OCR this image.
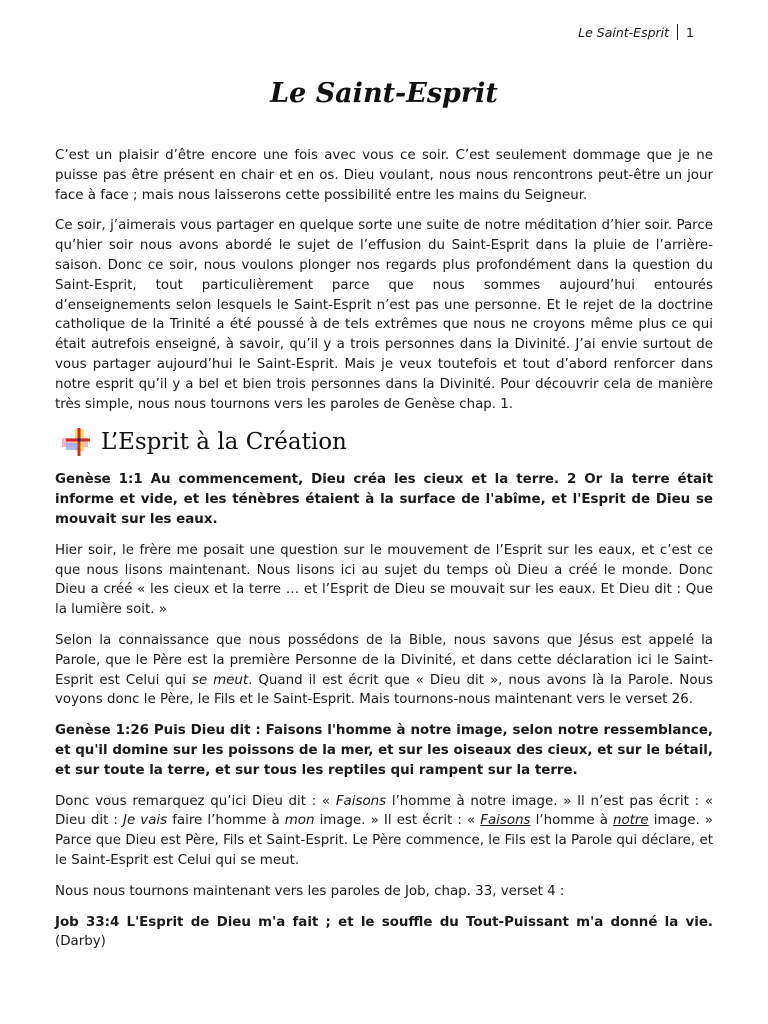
Le Saint-Esprit 1
Le Saint-Esprit

C’est un plaisir d’être encore une fois avec vous ce soir. C’est seulement dommage que je ne puisse pas être présent en chair et en os. Dieu voulant, nous nous rencontrons peut-être un jour face à face ; mais nous laisserons cette possibilité entre les mains du Seigneur.

Ce soir, j’aimerais vous partager en quelque sorte une suite de notre méditation d’hier soir. Parce qu’hier soir nous avons abordé le sujet de l’effusion du Saint-Esprit dans la pluie de l’arrière-saison. Donc ce soir, nous voulons plonger nos regards plus profondément dans la question du Saint-Esprit, tout particulièrement parce que nous sommes aujourd’hui entourés d’enseignements selon lesquels le Saint-Esprit n’est pas une personne. Et le rejet de la doctrine catholique de la Trinité a été poussé à de tels extrêmes que nous ne croyons même plus ce qui était autrefois enseigné, à savoir, qu’il y a trois personnes dans la Divinité. J’ai envie surtout de vous partager aujourd’hui le Saint-Esprit. Mais je veux toutefois et tout d’abord renforcer dans notre esprit qu’il y a bel et bien trois personnes dans la Divinité. Pour découvrir cela de manière très simple, nous nous tournons vers les paroles de Genèse chap. 1.

L’Esprit à la Création

Genèse 1:1 Au commencement, Dieu créa les cieux et la terre. 2 Or la terre était informe et vide, et les ténèbres étaient à la surface de l'abîme, et l'Esprit de Dieu se mouvait sur les eaux.

Hier soir, le frère me posait une question sur le mouvement de l’Esprit sur les eaux, et c’est ce que nous lisons maintenant. Nous lisons ici au sujet du temps où Dieu a créé le monde. Donc Dieu a créé « les cieux et la terre … et l’Esprit de Dieu se mouvait sur les eaux. Et Dieu dit : Que la lumière soit. »

Selon la connaissance que nous possédons de la Bible, nous savons que Jésus est appelé la Parole, que le Père est la première Personne de la Divinité, et dans cette déclaration ici le Saint-Esprit est Celui qui se meut. Quand il est écrit que « Dieu dit », nous avons là la Parole. Nous voyons donc le Père, le Fils et le Saint-Esprit. Mais tournons-nous maintenant vers le verset 26.

Genèse 1:26 Puis Dieu dit : Faisons l'homme à notre image, selon notre ressemblance, et qu'il domine sur les poissons de la mer, et sur les oiseaux des cieux, et sur le bétail, et sur toute la terre, et sur tous les reptiles qui rampent sur la terre.

Donc vous remarquez qu’ici Dieu dit : « Faisons l’homme à notre image. » Il n’est pas écrit : « Dieu dit : Je vais faire l’homme à mon image. » Il est écrit : « Faisons l’homme à notre image. » Parce que Dieu est Père, Fils et Saint-Esprit. Le Père commence, le Fils est la Parole qui déclare, et le Saint-Esprit est Celui qui se meut.

Nous nous tournons maintenant vers les paroles de Job, chap. 33, verset 4 :

Job 33:4 L'Esprit de Dieu m'a fait ; et le souffle du Tout-Puissant m'a donné la vie. (Darby)
